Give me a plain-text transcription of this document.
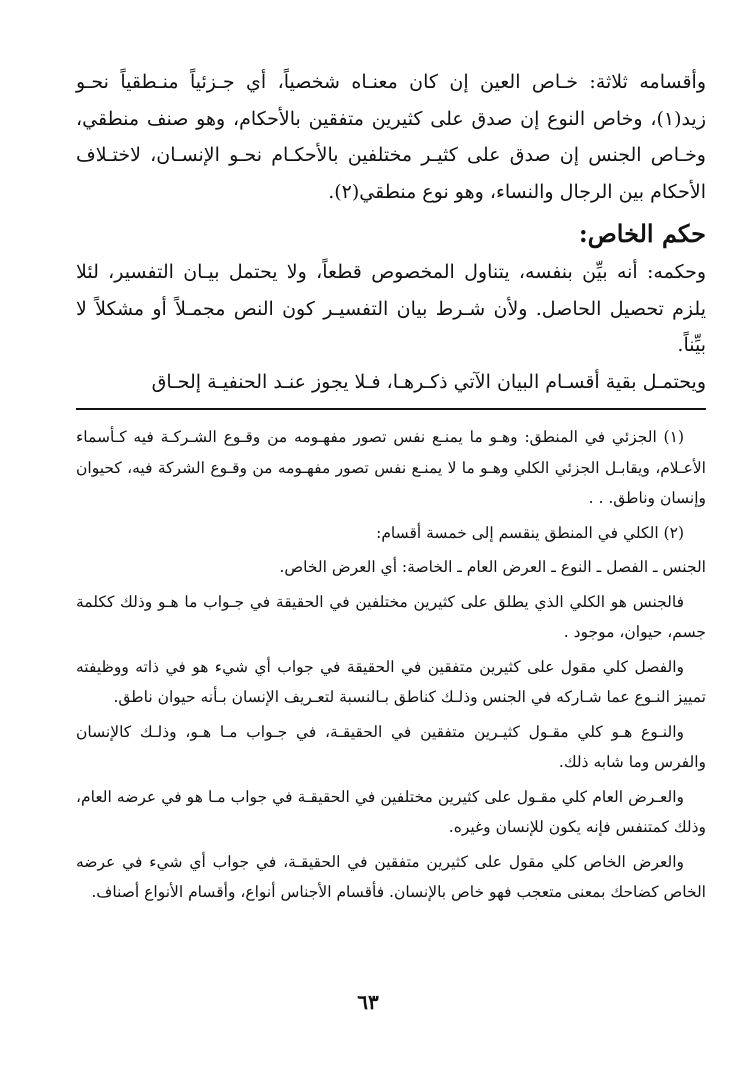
وأقسامه ثلاثة: خـاص العين إن كان معنـاه شخصياً، أي جـزئياً منـطقياً نحـو زيد(١)، وخاص النوع إن صدق على كثيرين متفقين بالأحكام، وهو صنف منطقي، وخـاص الجنس إن صدق على كثيـر مختلفين بالأحكـام نحـو الإنسـان، لاختـلاف الأحكام بين الرجال والنساء، وهو نوع منطقي(٢).

حكم الخاص:

وحكمه: أنه بيِّن بنفسه، يتناول المخصوص قطعاً، ولا يحتمل بيـان التفسير، لئلا يلزم تحصيل الحاصل. ولأن شـرط بيان التفسيـر كون النص مجمـلاً أو مشكلاً لا بيِّناً.

ويحتمـل بقية أقسـام البيان الآتي ذكـرهـا، فـلا يجوز عنـد الحنفيـة إلحـاق

(١) الجزئي في المنطق: وهـو ما يمنـع نفس تصور مفهـومه من وقـوع الشـركـة فيه كـأسماء الأعـلام، ويقابـل الجزئي الكلي وهـو ما لا يمنـع نفس تصور مفهـومه من وقـوع الشركة فيه، كحيوان وإنسان وناطق. . .

(٢) الكلي في المنطق ينقسم إلى خمسة أقسام:

الجنس ـ الفصل ـ النوع ـ العرض العام ـ الخاصة: أي العرض الخاص.

فالجنس هو الكلي الذي يطلق على كثيرين مختلفين في الحقيقة في جـواب ما هـو وذلك ككلمة جسم، حيوان، موجود .

والفصل كلي مقول على كثيرين متفقين في الحقيقة في جواب أي شيء هو في ذاته ووظيفته تمييز النـوع عما شـاركه في الجنس وذلـك كناطق بـالنسبة لتعـريف الإنسان بـأنه حيوان ناطق.

والنـوع هـو كلي مقـول كثيـرين متفقين في الحقيقـة، في جـواب مـا هـو، وذلـك كالإنسان والفرس وما شابه ذلك.

والعـرض العام كلي مقـول على كثيرين مختلفين في الحقيقـة في جواب مـا هو في عرضه العام، وذلك كمتنفس فإنه يكون للإنسان وغيره.

والعرض الخاص كلي مقول على كثيرين متفقين في الحقيقـة، في جواب أي شيء في عرضه الخاص كضاحك بمعنى متعجب فهو خاص بالإنسان. فأقسام الأجناس أنواع، وأقسام الأنواع أصناف.

٦٣
